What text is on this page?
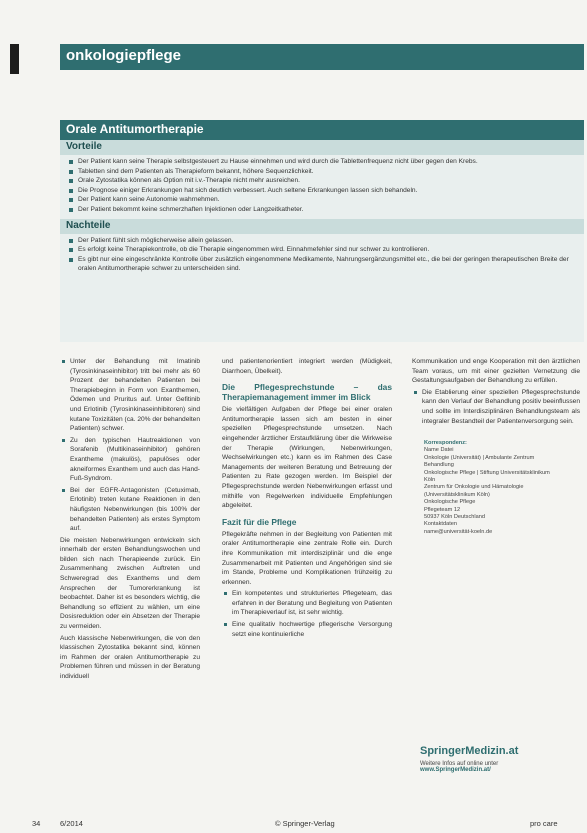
onkologiepflege
Orale Antitumortherapie
Vorteile
Der Patient kann seine Therapie selbstgesteuert zu Hause einnehmen und wird durch die Tablettenfrequenz nicht über gegen den Krebs.
Tabletten sind dem Patienten als Therapieform bekannt, höhere Sequenzlichkeit.
Orale Zytostatika können als Option mit i.v.-Therapie nicht mehr ausreichen.
Die Prognose einiger Erkrankungen hat sich deutlich verbessert. Auch seltene Erkrankungen lassen sich behandeln.
Der Patient kann seine Autonomie wahrnehmen.
Der Patient bekommt keine schmerzhaften Injektionen oder Langzeitkatheter.
Nachteile
Der Patient fühlt sich möglicherweise allein gelassen.
Es erfolgt keine Therapiekontrolle, ob die Therapie eingenommen wird. Einnahmefehler sind nur schwer zu kontrollieren.
Es gibt nur eine eingeschränkte Kontrolle über zusätzlich eingenommene Medikamente, Nahrungsergänzungsmittel etc., die bei der geringen therapeutischen Breite der oralen Antitumortherapie schwer zu unterscheiden sind.
Unter der Behandlung mit Imatinib (Tyrosinkinaseinhibitor) tritt bei mehr als 60 Prozent der behandelten Patienten bei Therapiebeginn in Form von Exanthemen, Ödemen und Pruritus auf. Unter Gefitinib und Erlotinib (Tyrosinkinaseinhibitoren) sind kutane Toxizitäten (ca. 20% der behandelten Patienten) schwer.
Zu den typischen Hautreaktionen von Sorafenib (Multikinaseinhibitor) gehören Exantheme (makulös), papulöses oder akneiformes Exanthem und auch das Hand-Fuß-Syndrom.
Bei der EGFR-Antagonisten (Cetuximab, Erlotinib) treten kutane Reaktionen in den häufigsten Nebenwirkungen (bis 100% der behandelten Patienten) als erstes Symptom auf.

Die meisten Nebenwirkungen entwickeln sich innerhalb der ersten Behandlungswochen und bilden sich nach Therapieende zurück. Ein Zusammenhang zwischen Auftreten und Schweregrad des Exanthems und dem Ansprechen der Tumorerkrankung ist beobachtet. Daher ist es besonders wichtig, die Behandlung so effizient zu wählen, um eine Dosisreduktion oder ein Absetzen der Therapie zu vermeiden.

Auch klassische Nebenwirkungen, die von den klassischen Zytostatika bekannt sind, können im Rahmen der oralen Antitumortherapie zu Problemen führen und müssen in der Beratung individuell

und patientenorientiert integriert werden (Müdigkeit, Diarrhoen, Übelkeit).

Die Pflegesprechstunde – das Therapiemanagement immer im Blick

Die vielfältigen Aufgaben der Pflege bei einer oralen Antitumortherapie lassen sich am besten in einer speziellen Pflegesprechstunde umsetzen. Nach eingehender ärztlicher Erstaufklärung über die Wirkweise der Therapie (Wirkungen, Nebenwirkungen, Wechselwirkungen etc.) kann es im Rahmen des Case Managements der weiteren Beratung und Betreuung der Patienten zu Rate gezogen werden. Im Beispiel der Pflegesprechstunde werden Nebenwirkungen erfasst und mithilfe von Regelwerken individuelle Empfehlungen abgeleitet.

Fazit für die Pflege

Pflegekräfte nehmen in der Begleitung von Patienten mit oraler Antitumortherapie eine zentrale Rolle ein. Durch ihre Kommunikation mit interdisziplinär und die enge Zusammenarbeit mit Patienten und Angehörigen sind sie im Stande, Probleme und Komplikationen frühzeitig zu erkennen.

Ein kompetentes und strukturiertes Pflegeteam, das erfahren in der Beratung und Begleitung von Patienten im Therapieverlauf ist, ist sehr wichtig.
Eine qualitativ hochwertige pflegerische Versorgung setzt eine kontinuierliche

Kommunikation und enge Kooperation mit den ärztlichen Team voraus, um mit einer gezielten Vernetzung die Gestaltungsaufgaben der Behandlung zu erfüllen.

Die Etablierung einer speziellen Pflegesprechstunde kann den Verlauf der Behandlung positiv beeinflussen und sollte im Interdisziplinären Behandlungsteam als integraler Bestandteil der Patientenversorgung sein.
Korrespondenz:
Name Datei
Onkologie (Universität) | Ambulante Zentrum Behandlung
Onkologische Pflege | Stiftung Universitätsklinikum Köln
Zentrum für Onkologie und Hämatologie (Universitätsklinikum Köln)
Onkologische Pflege
Pflegeteam 12
50937 Köln Deutschland
Kontaktdaten
name@universität-koeln.de
SpringerMedizin.at
Weitere Infos auf online unter
www.SpringerMedizin.at/
34	6/2014	© Springer-Verlag	pro care
